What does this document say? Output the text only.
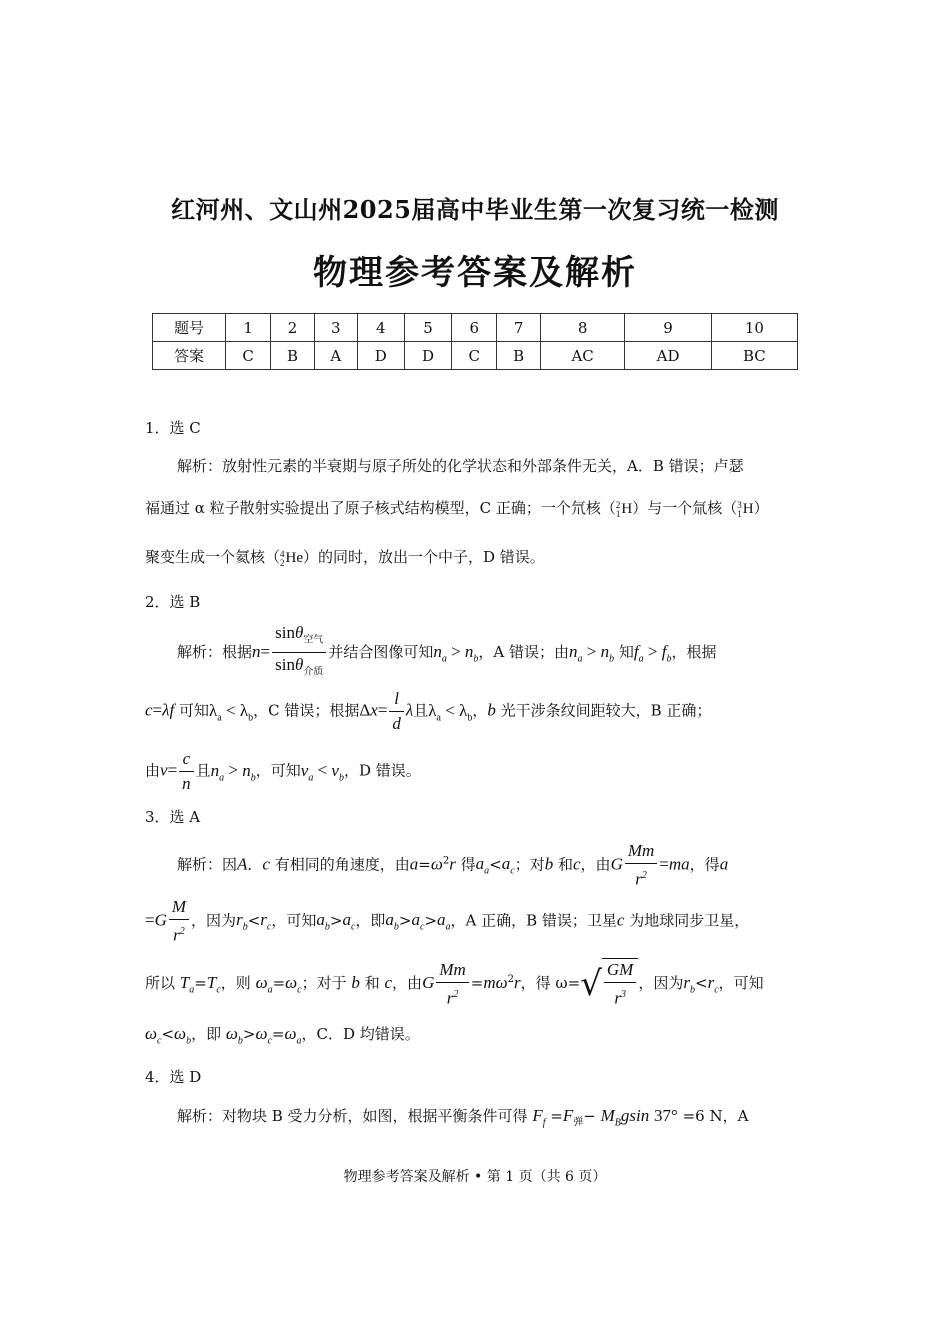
红河州、文山州2025届高中毕业生第一次复习统一检测
物理参考答案及解析
题号	1	2	3	4	5	6	7	8	9	10
答案	C	B	A	D	D	C	B	AC	AD	BC
1．选 C
解析：放射性元素的半衰期与原子所处的化学状态和外部条件无关，A．B 错误；卢瑟
福通过 α 粒子散射实验提出了原子核式结构模型，C 正确；一个氘核（2
1H）与一个氚核（3
1H）
聚变生成一个氦核（4
2He）的同时，放出一个中子，D 错误。
2．选 B
解析：根据$n= \frac{\sin\theta_{空气}}{\sin\theta_{介质}}$ 并结合图像可知$n_a > n_b$，A 错误；由$n_a > n_b$ 知$f_a > f_b$，根据
c=λf 可知$\lambda_a < \lambda_b$，C 错误；根据$\Delta x= \frac{l}{d}$ λ且$\lambda_a < \lambda_b$，b 光干涉条纹间距较大，B 正确；
由$v= \frac{c}{n}$ 且$n_a > n_b$，可知$v_a < v_b$，D 错误。
3．选 A
解析：因A．c 有相同的角速度，由$a=\omega^2r$ 得$a_a<a_c$；对b 和c，由G $\frac{Mm}{r^2} =ma$，得a
$=G \frac{M}{r^2}$ ，因为$r_b<r_c$，可知$a_b>a_c$，即$a_b>a_c>a_a$，A 正确，B 错误；卫星c 为地球同步卫星，
所以 $T_a=T_c$，则 $\omega_a=\omega_c$；对于 b 和 c，由G $\frac{Mm}{r^2} =m\omega^2r$，得 $\omega=√ \frac{GM}{r^3}$ ，因为$r_b<r_c$，可知
$\omega_c<\omega_b$，即 $\omega_b>\omega_c=\omega_a$，C．D 均错误。
4．选 D
解析：对物块 B 受力分析，如图，根据平衡条件可得 $F_f =F_弹- M_Bgsin$ 37° =6 N，A
物理参考答案及解析 • 第 1 页（共 6 页）
